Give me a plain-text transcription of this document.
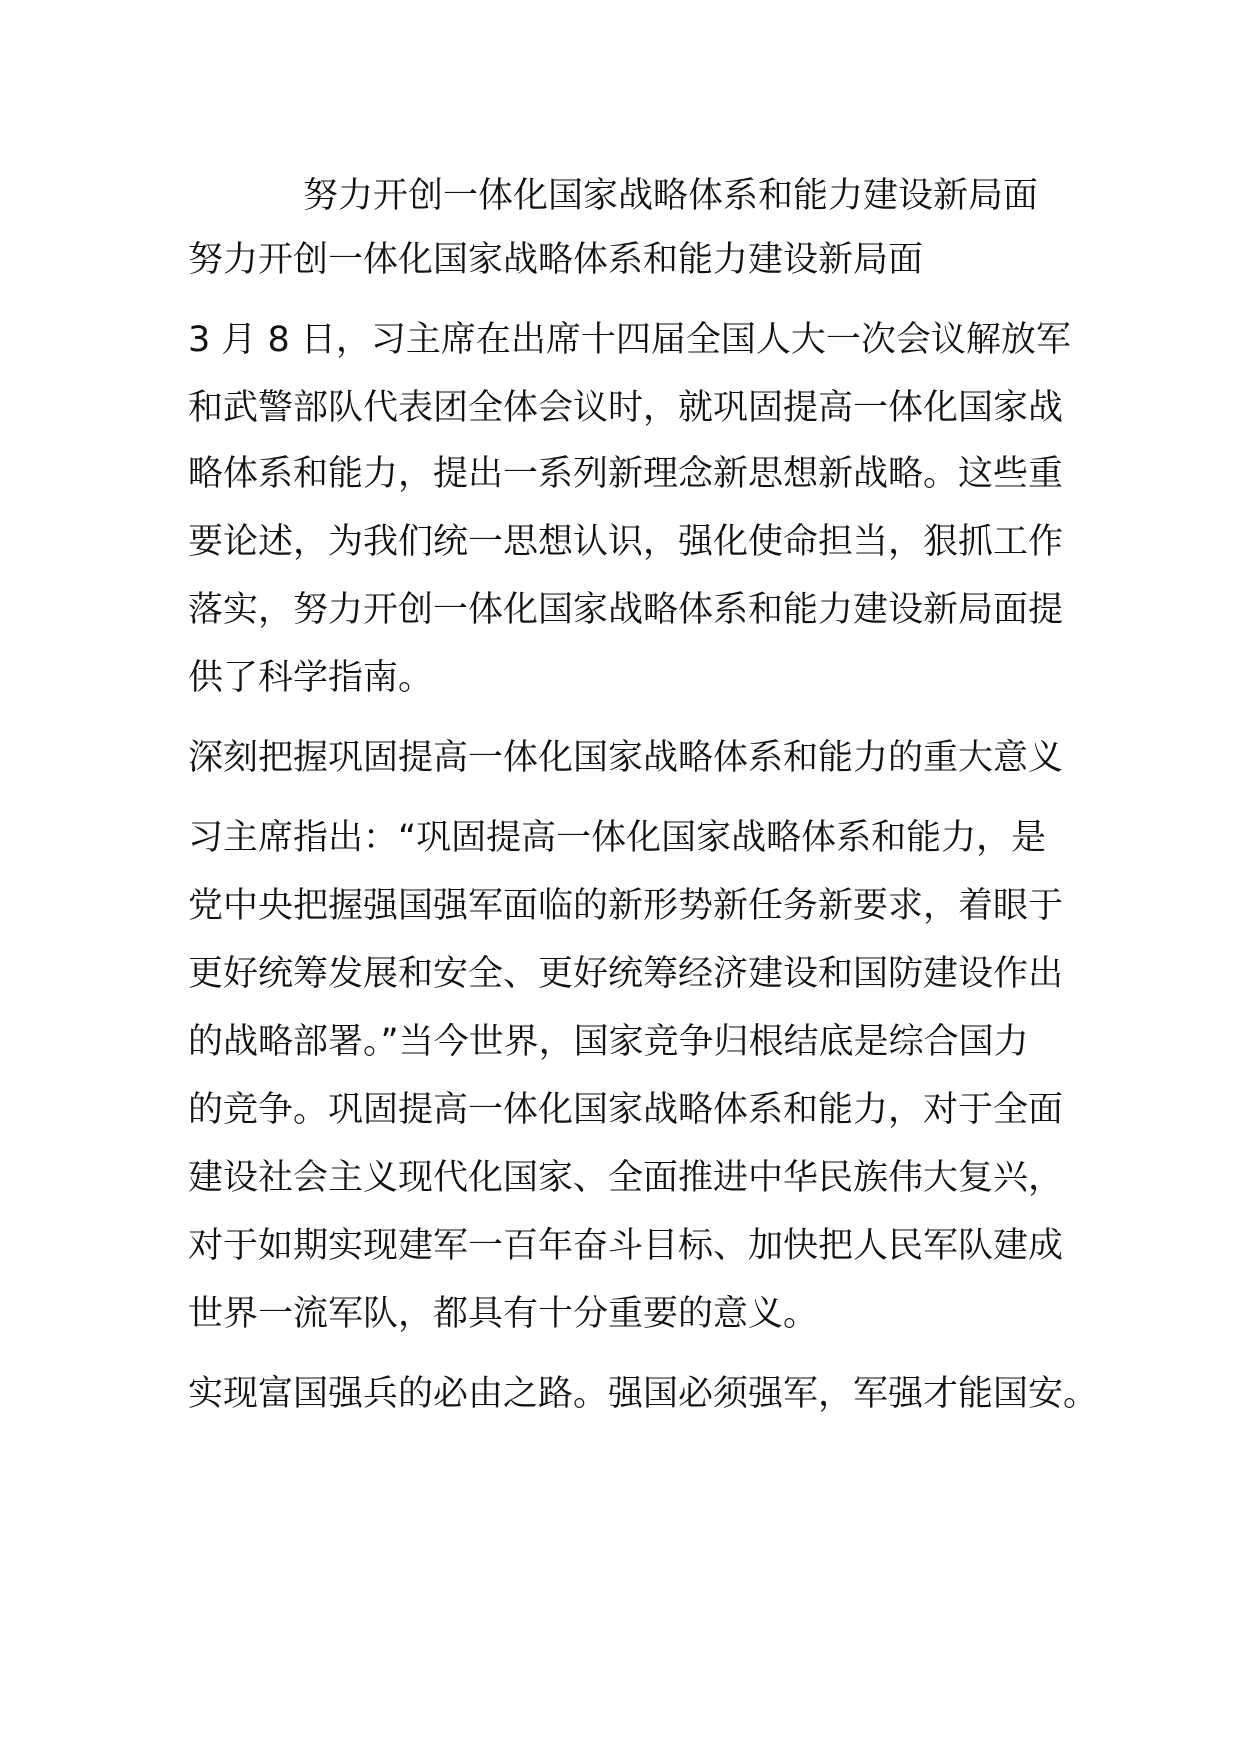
努力开创一体化国家战略体系和能力建设新局面
努力开创一体化国家战略体系和能力建设新局面
3 月 8 日，习主席在出席十四届全国人大一次会议解放军
和武警部队代表团全体会议时，就巩固提高一体化国家战
略体系和能力，提出一系列新理念新思想新战略。这些重
要论述，为我们统一思想认识，强化使命担当，狠抓工作
落实，努力开创一体化国家战略体系和能力建设新局面提
供了科学指南。
深刻把握巩固提高一体化国家战略体系和能力的重大意义
习主席指出：“巩固提高一体化国家战略体系和能力，是
党中央把握强国强军面临的新形势新任务新要求，着眼于
更好统筹发展和安全、更好统筹经济建设和国防建设作出
的战略部署。”当今世界，国家竞争归根结底是综合国力
的竞争。巩固提高一体化国家战略体系和能力，对于全面
建设社会主义现代化国家、全面推进中华民族伟大复兴，
对于如期实现建军一百年奋斗目标、加快把人民军队建成
世界一流军队，都具有十分重要的意义。
实现富国强兵的必由之路。强国必须强军，军强才能国安。
